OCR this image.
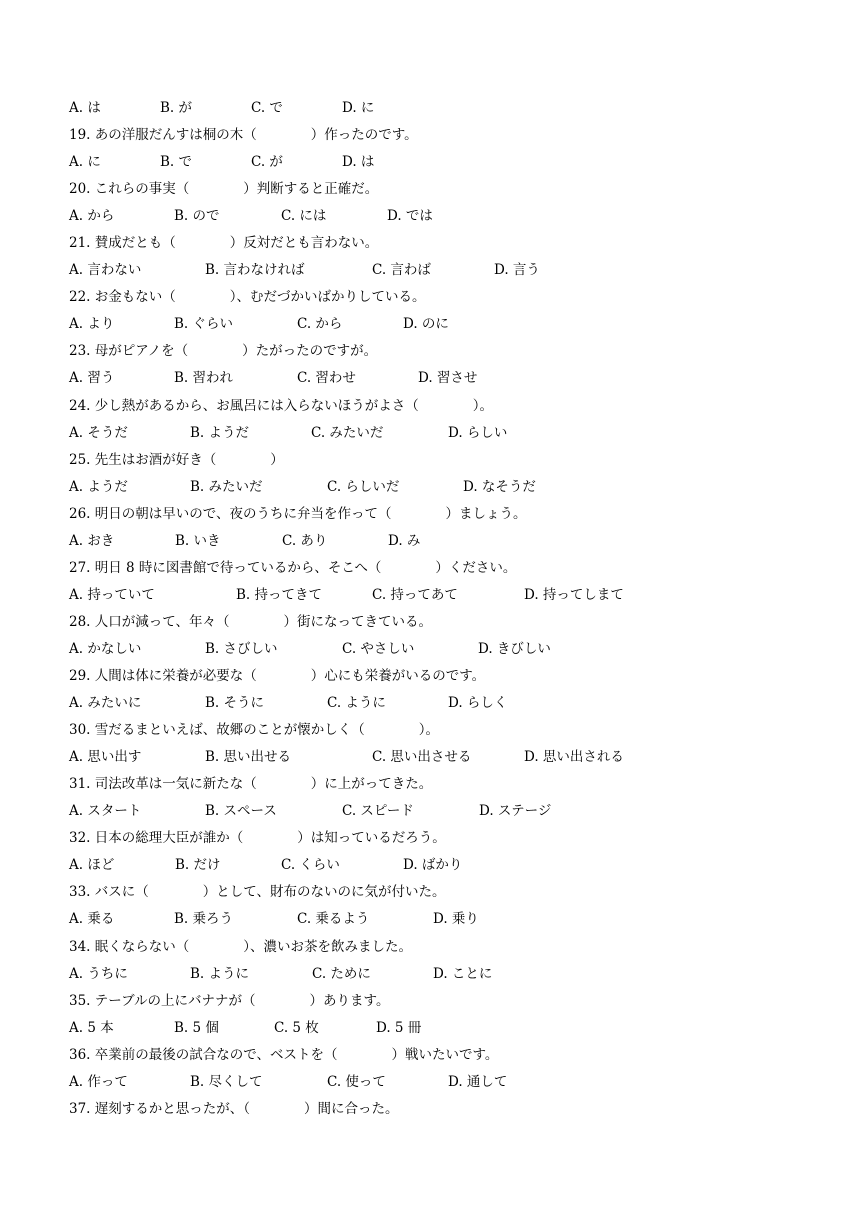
A. は	B. が	C. で	D. に
19. あの洋服だんすは桐の木（　　　　）作ったのです。
A. に	B. で	C. が	D. は
20. これらの事実（　　　　）判断すると正確だ。
A. から	B. ので	C. には	D. では
21. 賛成だとも（　　　　）反対だとも言わない。
A. 言わない	B. 言わなければ	C. 言わば	D. 言う
22. お金もない（　　　　）、むだづかいばかりしている。
A. より	B. ぐらい	C. から	D. のに
23. 母がピアノを（　　　　）たがったのですが。
A. 習う	B. 習われ	C. 習わせ	D. 習させ
24. 少し熱があるから、お風呂には入らないほうがよさ（　　　　）。
A. そうだ	B. ようだ	C. みたいだ	D. らしい
25. 先生はお酒が好き（　　　　）
A. ようだ	B. みたいだ	C. らしいだ	D. なそうだ
26. 明日の朝は早いので、夜のうちに弁当を作って（　　　　）ましょう。
A. おき	B. いき	C. あり	D. み
27. 明日 8 時に図書館で待っているから、そこへ（　　　　）ください。
A. 持っていて	B. 持ってきて	C. 持ってあて	D. 持ってしまて
28. 人口が減って、年々（　　　　）街になってきている。
A. かなしい	B. さびしい	C. やさしい	D. きびしい
29. 人間は体に栄養が必要な（　　　　）心にも栄養がいるのです。
A. みたいに	B. そうに	C. ように	D. らしく
30. 雪だるまといえば、故郷のことが懐かしく（　　　　）。
A. 思い出す	B. 思い出せる	C. 思い出させる	D. 思い出される
31. 司法改革は一気に新たな（　　　　）に上がってきた。
A. スタート	B. スペース	C. スピード	D. ステージ
32. 日本の総理大臣が誰か（　　　　）は知っているだろう。
A. ほど	B. だけ	C. くらい	D. ばかり
33. バスに（　　　　）として、財布のないのに気が付いた。
A. 乗る	B. 乗ろう	C. 乗るよう	D. 乗り
34. 眠くならない（　　　　）、濃いお茶を飲みました。
A. うちに	B. ように	C. ために	D. ことに
35. テーブルの上にバナナが（　　　　）あります。
A. 5 本	B. 5 個	C. 5 枚	D. 5 冊
36. 卒業前の最後の試合なので、ベストを（　　　　）戦いたいです。
A. 作って	B. 尽くして	C. 使って	D. 通して
37. 遅刻するかと思ったが、（　　　　）間に合った。
